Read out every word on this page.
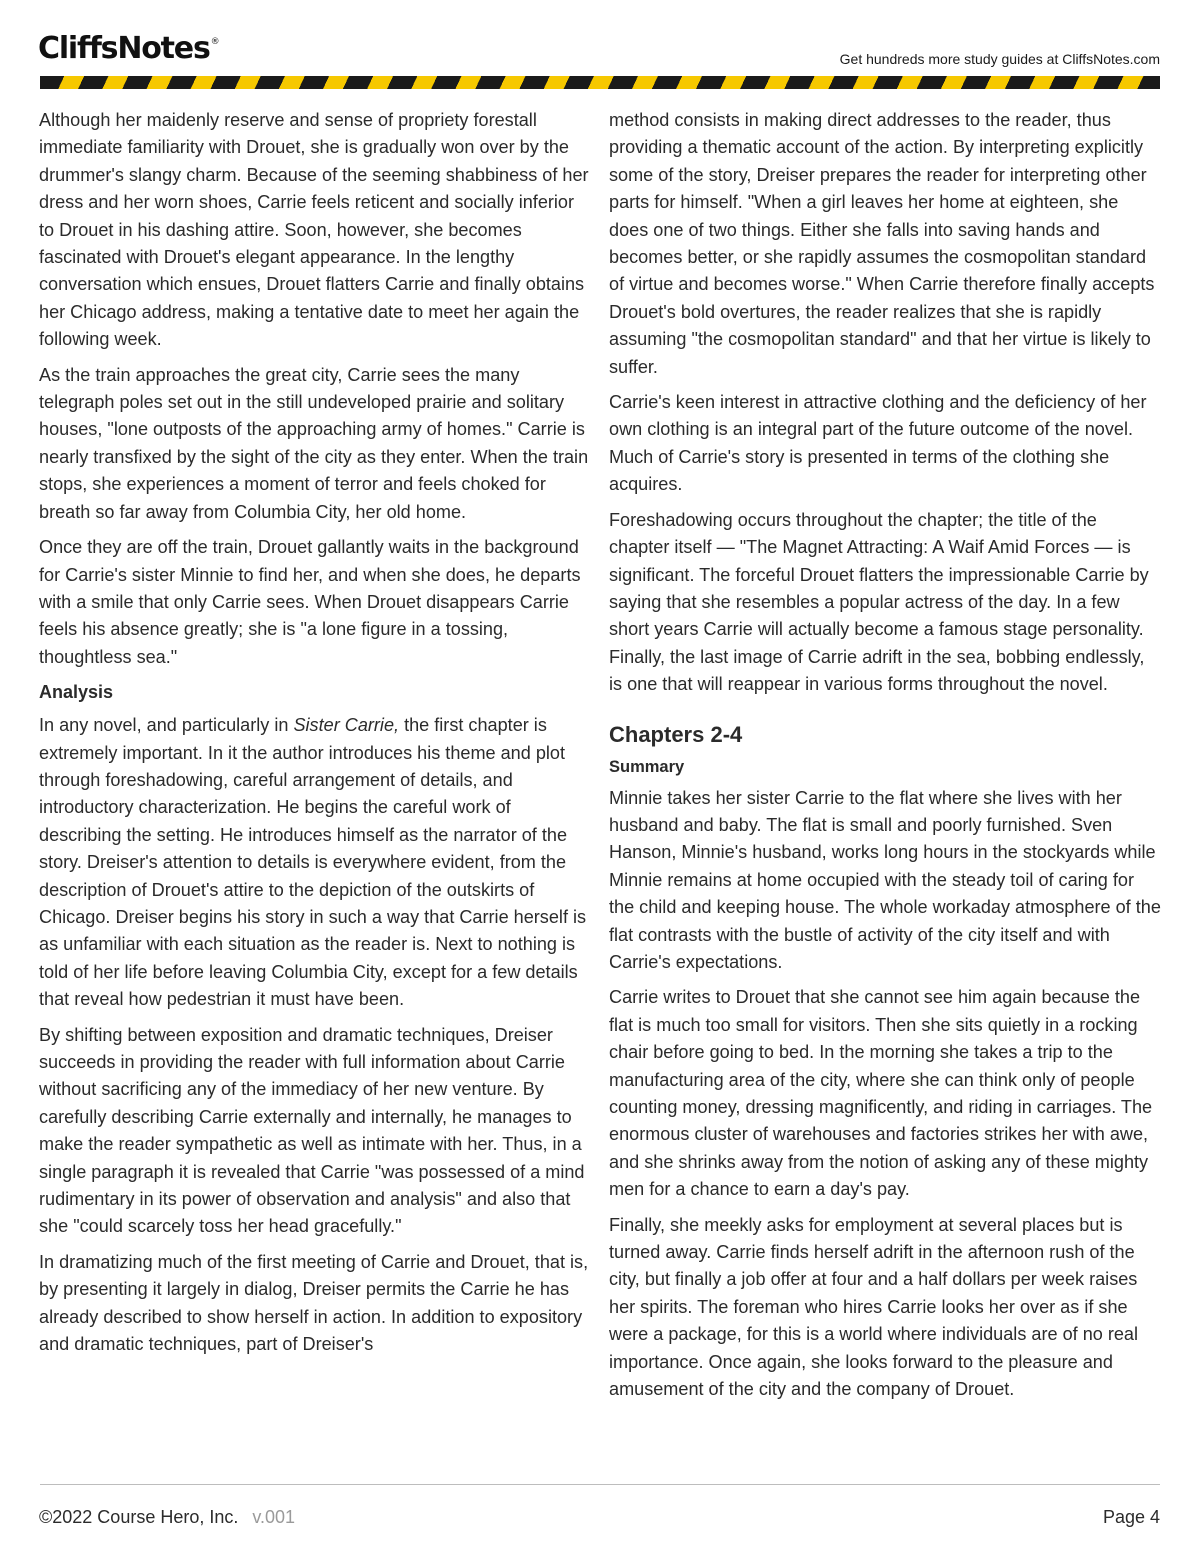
CliffsNotes®
Get hundreds more study guides at CliffsNotes.com

Although her maidenly reserve and sense of propriety forestall immediate familiarity with Drouet, she is gradually won over by the drummer's slangy charm. Because of the seeming shabbiness of her dress and her worn shoes, Carrie feels reticent and socially inferior to Drouet in his dashing attire. Soon, however, she becomes fascinated with Drouet's elegant appearance. In the lengthy conversation which ensues, Drouet flatters Carrie and finally obtains her Chicago address, making a tentative date to meet her again the following week.

As the train approaches the great city, Carrie sees the many telegraph poles set out in the still undeveloped prairie and solitary houses, "lone outposts of the approaching army of homes." Carrie is nearly transfixed by the sight of the city as they enter. When the train stops, she experiences a moment of terror and feels choked for breath so far away from Columbia City, her old home.

Once they are off the train, Drouet gallantly waits in the background for Carrie's sister Minnie to find her, and when she does, he departs with a smile that only Carrie sees. When Drouet disappears Carrie feels his absence greatly; she is "a lone figure in a tossing, thoughtless sea."

Analysis

In any novel, and particularly in Sister Carrie, the first chapter is extremely important. In it the author introduces his theme and plot through foreshadowing, careful arrangement of details, and introductory characterization. He begins the careful work of describing the setting. He introduces himself as the narrator of the story. Dreiser's attention to details is everywhere evident, from the description of Drouet's attire to the depiction of the outskirts of Chicago. Dreiser begins his story in such a way that Carrie herself is as unfamiliar with each situation as the reader is. Next to nothing is told of her life before leaving Columbia City, except for a few details that reveal how pedestrian it must have been.

By shifting between exposition and dramatic techniques, Dreiser succeeds in providing the reader with full information about Carrie without sacrificing any of the immediacy of her new venture. By carefully describing Carrie externally and internally, he manages to make the reader sympathetic as well as intimate with her. Thus, in a single paragraph it is revealed that Carrie "was possessed of a mind rudimentary in its power of observation and analysis" and also that she "could scarcely toss her head gracefully."

In dramatizing much of the first meeting of Carrie and Drouet, that is, by presenting it largely in dialog, Dreiser permits the Carrie he has already described to show herself in action. In addition to expository and dramatic techniques, part of Dreiser's

method consists in making direct addresses to the reader, thus providing a thematic account of the action. By interpreting explicitly some of the story, Dreiser prepares the reader for interpreting other parts for himself. "When a girl leaves her home at eighteen, she does one of two things. Either she falls into saving hands and becomes better, or she rapidly assumes the cosmopolitan standard of virtue and becomes worse." When Carrie therefore finally accepts Drouet's bold overtures, the reader realizes that she is rapidly assuming "the cosmopolitan standard" and that her virtue is likely to suffer.

Carrie's keen interest in attractive clothing and the deficiency of her own clothing is an integral part of the future outcome of the novel. Much of Carrie's story is presented in terms of the clothing she acquires.

Foreshadowing occurs throughout the chapter; the title of the chapter itself — "The Magnet Attracting: A Waif Amid Forces — is significant. The forceful Drouet flatters the impressionable Carrie by saying that she resembles a popular actress of the day. In a few short years Carrie will actually become a famous stage personality. Finally, the last image of Carrie adrift in the sea, bobbing endlessly, is one that will reappear in various forms throughout the novel.

Chapters 2-4
Summary

Minnie takes her sister Carrie to the flat where she lives with her husband and baby. The flat is small and poorly furnished. Sven Hanson, Minnie's husband, works long hours in the stockyards while Minnie remains at home occupied with the steady toil of caring for the child and keeping house. The whole workaday atmosphere of the flat contrasts with the bustle of activity of the city itself and with Carrie's expectations.

Carrie writes to Drouet that she cannot see him again because the flat is much too small for visitors. Then she sits quietly in a rocking chair before going to bed. In the morning she takes a trip to the manufacturing area of the city, where she can think only of people counting money, dressing magnificently, and riding in carriages. The enormous cluster of warehouses and factories strikes her with awe, and she shrinks away from the notion of asking any of these mighty men for a chance to earn a day's pay.

Finally, she meekly asks for employment at several places but is turned away. Carrie finds herself adrift in the afternoon rush of the city, but finally a job offer at four and a half dollars per week raises her spirits. The foreman who hires Carrie looks her over as if she were a package, for this is a world where individuals are of no real importance. Once again, she looks forward to the pleasure and amusement of the city and the company of Drouet.

©2022 Course Hero, Inc. v.001	Page 4
